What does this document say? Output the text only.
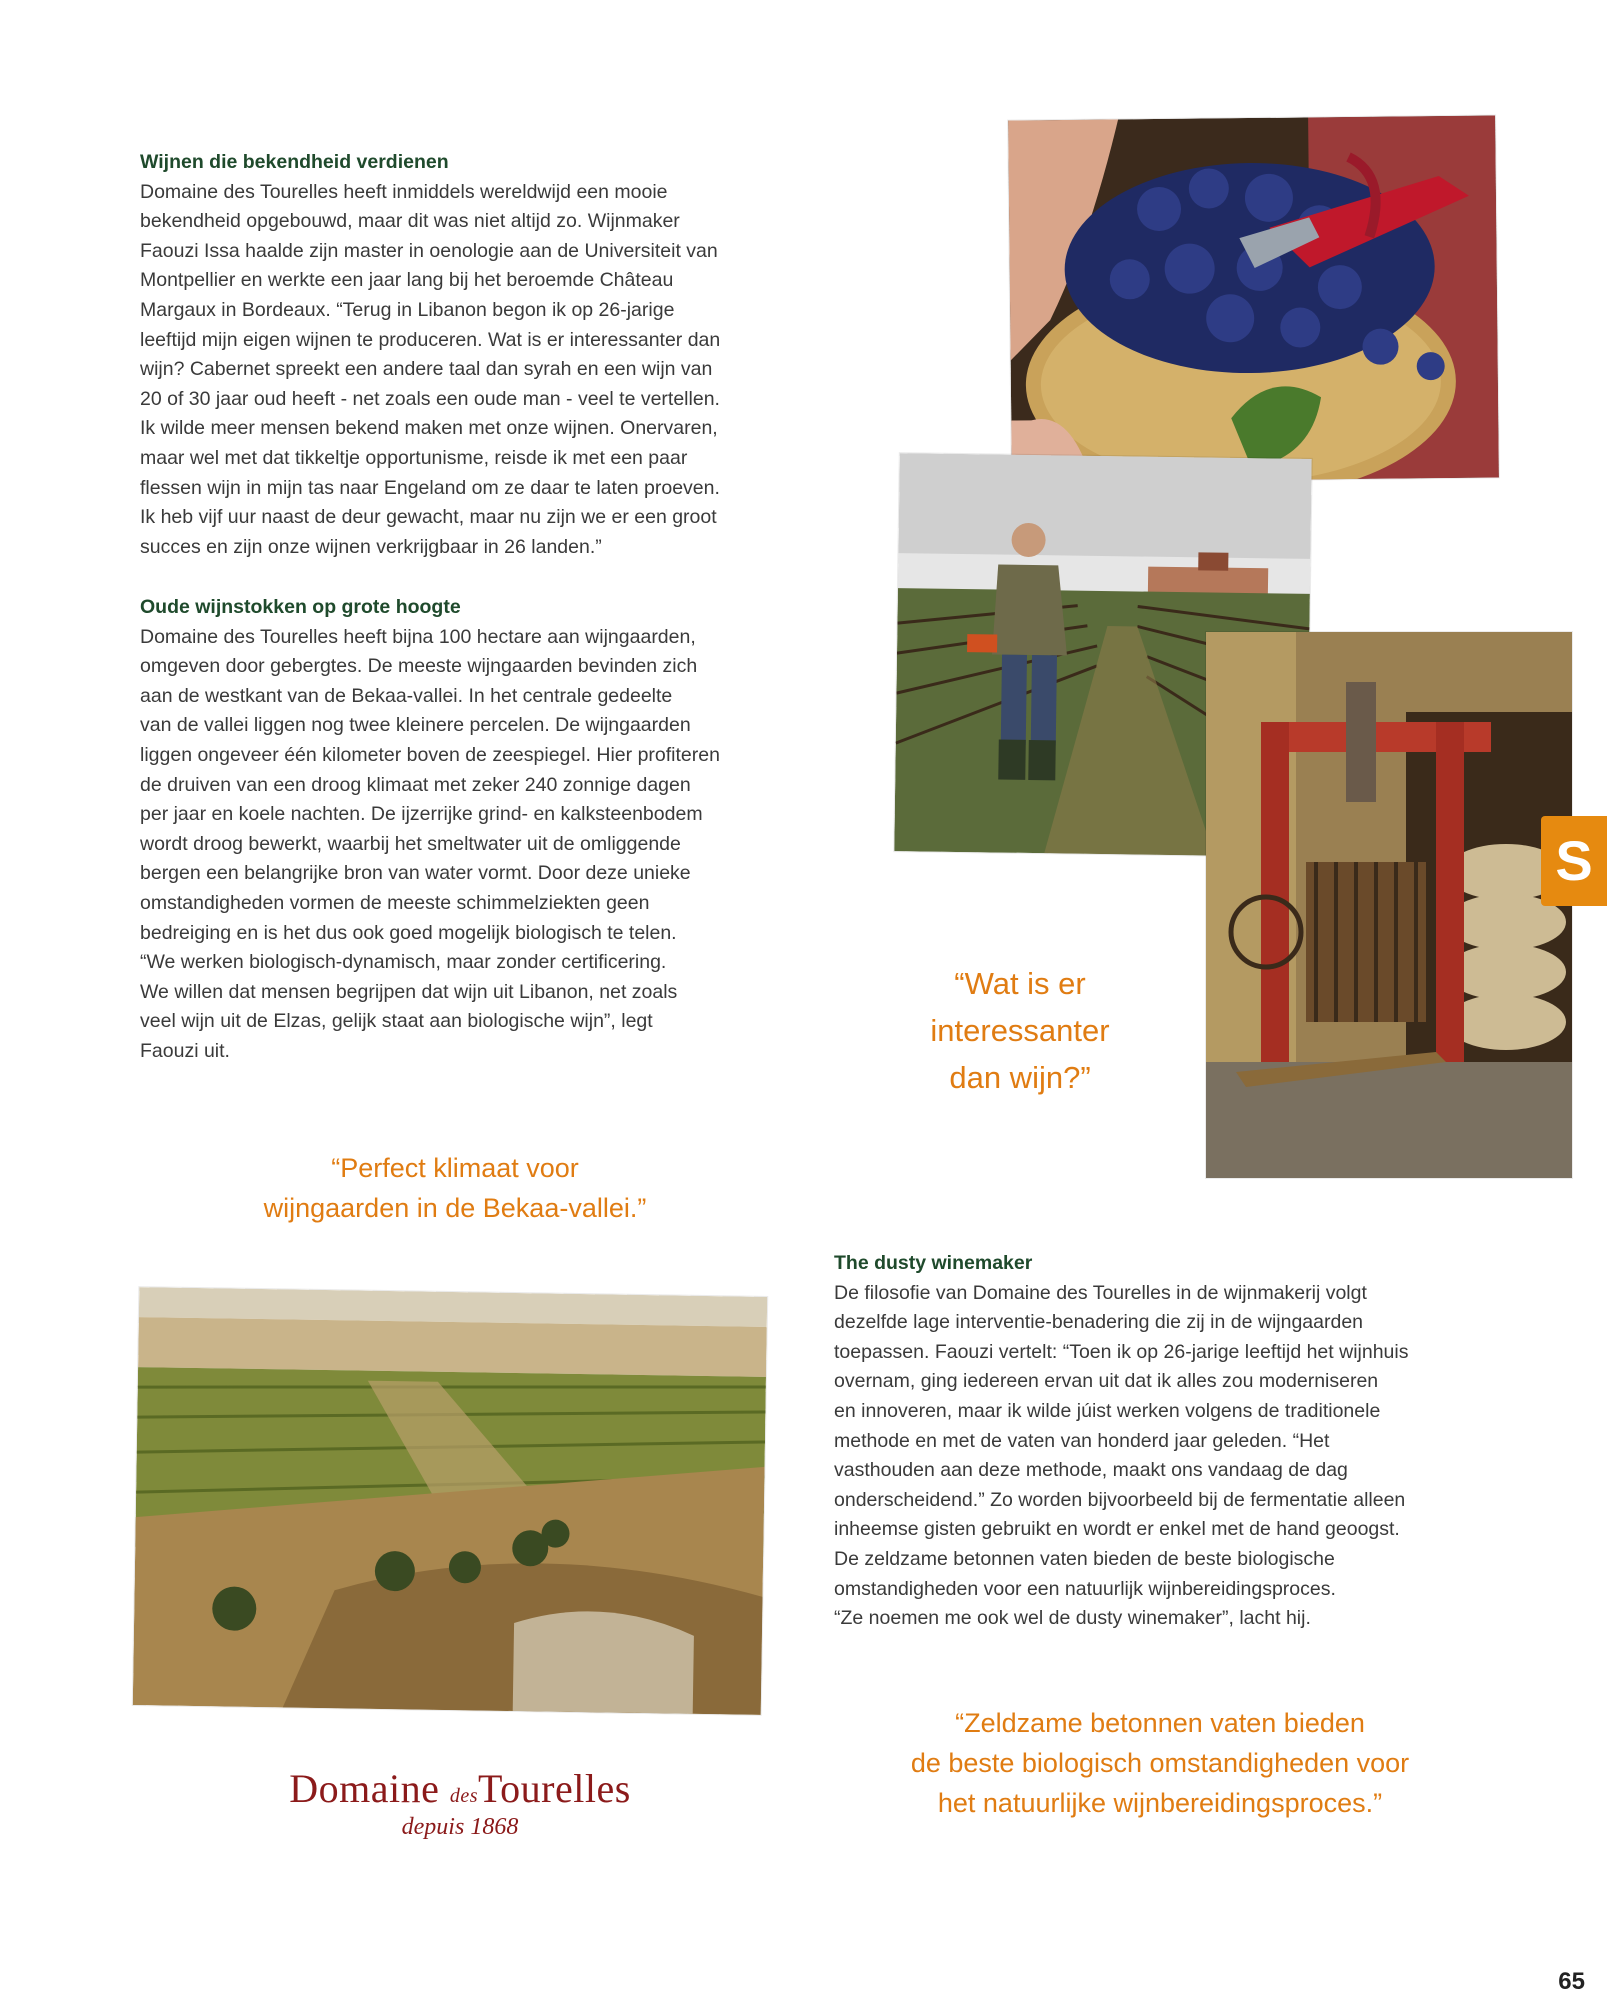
Wijnen die bekendheid verdienen

Domaine des Tourelles heeft inmiddels wereldwijd een mooie
bekendheid opgebouwd, maar dit was niet altijd zo. Wijnmaker
Faouzi Issa haalde zijn master in oenologie aan de Universiteit van
Montpellier en werkte een jaar lang bij het beroemde Château
Margaux in Bordeaux. “Terug in Libanon begon ik op 26-jarige
leeftijd mijn eigen wijnen te produceren. Wat is er interessanter dan
wijn? Cabernet spreekt een andere taal dan syrah en een wijn van
20 of 30 jaar oud heeft - net zoals een oude man - veel te vertellen.
Ik wilde meer mensen bekend maken met onze wijnen. Onervaren,
maar wel met dat tikkeltje opportunisme, reisde ik met een paar
flessen wijn in mijn tas naar Engeland om ze daar te laten proeven.
Ik heb vijf uur naast de deur gewacht, maar nu zijn we er een groot
succes en zijn onze wijnen verkrijgbaar in 26 landen.”

Oude wijnstokken op grote hoogte

Domaine des Tourelles heeft bijna 100 hectare aan wijngaarden,
omgeven door gebergtes. De meeste wijngaarden bevinden zich
aan de westkant van de Bekaa-vallei. In het centrale gedeelte
van de vallei liggen nog twee kleinere percelen. De wijngaarden
liggen ongeveer één kilometer boven de zeespiegel. Hier profiteren
de druiven van een droog klimaat met zeker 240 zonnige dagen
per jaar en koele nachten. De ijzerrijke grind- en kalksteenbodem
wordt droog bewerkt, waarbij het smeltwater uit de omliggende
bergen een belangrijke bron van water vormt. Door deze unieke
omstandigheden vormen de meeste schimmelziekten geen
bedreiging en is het dus ook goed mogelijk biologisch te telen.
“We werken biologisch-dynamisch, maar zonder certificering.
We willen dat mensen begrijpen dat wijn uit Libanon, net zoals
veel wijn uit de Elzas, gelijk staat aan biologische wijn”, legt
Faouzi uit.

The dusty winemaker

De filosofie van Domaine des Tourelles in de wijnmakerij volgt
dezelfde lage interventie-benadering die zij in de wijngaarden
toepassen. Faouzi vertelt: “Toen ik op 26-jarige leeftijd het wijnhuis
overnam, ging iedereen ervan uit dat ik alles zou moderniseren
en innoveren, maar ik wilde júist werken volgens de traditionele
methode en met de vaten van honderd jaar geleden. “Het
vasthouden aan deze methode, maakt ons vandaag de dag
onderscheidend.” Zo worden bijvoorbeeld bij de fermentatie alleen
inheemse gisten gebruikt en wordt er enkel met de hand geoogst.
De zeldzame betonnen vaten bieden de beste biologische
omstandigheden voor een natuurlijk wijnbereidingsproces.
“Ze noemen me ook wel de dusty winemaker”, lacht hij.

“Wat is er
interessanter
dan wijn?”
“Perfect klimaat voor
wijngaarden in de Bekaa-vallei.”
“Zeldzame betonnen vaten bieden
de beste biologisch omstandigheden voor
het natuurlijke wijnbereidingsproces.”
S
Domaine desTourelles
depuis 1868
65
